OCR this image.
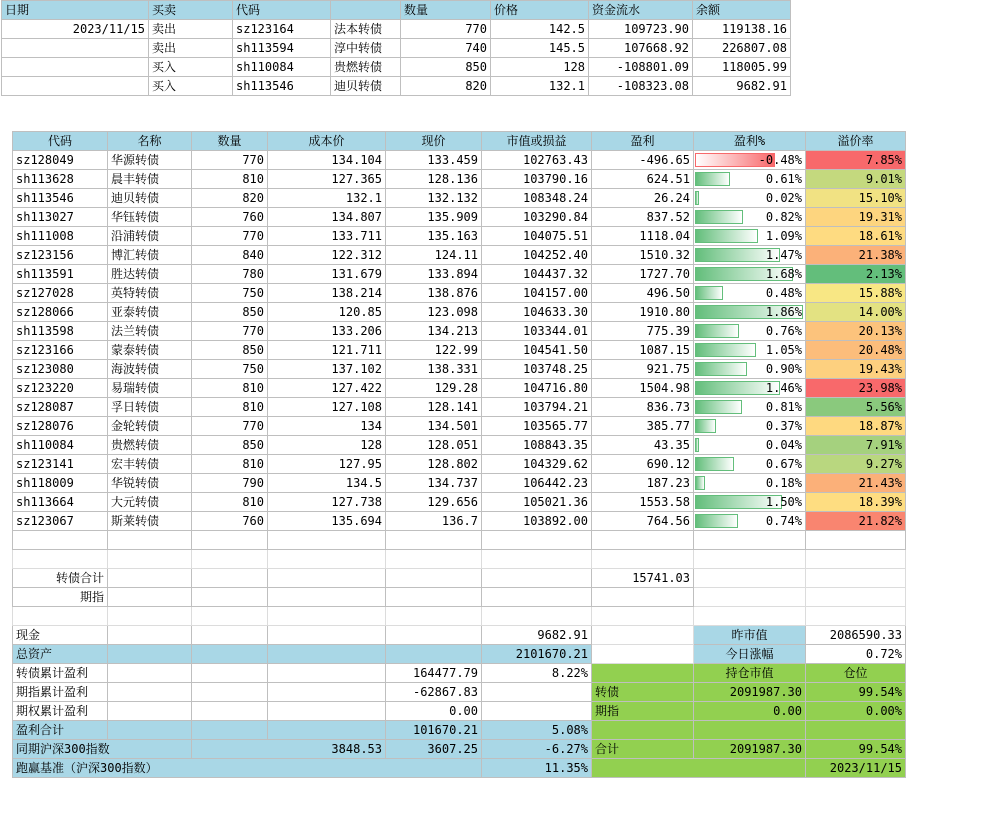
日期	买卖	代码		数量	价格	资金流水	余额
2023/11/15	卖出	sz123164	法本转债	770	142.5	109723.90	119138.16
	卖出	sh113594	淳中转债	740	145.5	107668.92	226807.08
	买入	sh110084	贵燃转债	850	128	-108801.09	118005.99
	买入	sh113546	迪贝转债	820	132.1	-108323.08	9682.91
代码	名称	数量	成本价	现价	市值或损益	盈利	盈利%	溢价率
sz128049	华源转债	770	134.104	133.459	102763.43	-496.65	-0.48%	7.85%
sh113628	晨丰转债	810	127.365	128.136	103790.16	624.51	0.61%	9.01%
sh113546	迪贝转债	820	132.1	132.132	108348.24	26.24	0.02%	15.10%
sh113027	华钰转债	760	134.807	135.909	103290.84	837.52	0.82%	19.31%
sh111008	沿浦转债	770	133.711	135.163	104075.51	1118.04	1.09%	18.61%
sz123156	博汇转债	840	122.312	124.11	104252.40	1510.32	1.47%	21.38%
sh113591	胜达转债	780	131.679	133.894	104437.32	1727.70	1.68%	2.13%
sz127028	英特转债	750	138.214	138.876	104157.00	496.50	0.48%	15.88%
sz128066	亚泰转债	850	120.85	123.098	104633.30	1910.80	1.86%	14.00%
sh113598	法兰转债	770	133.206	134.213	103344.01	775.39	0.76%	20.13%
sz123166	蒙泰转债	850	121.711	122.99	104541.50	1087.15	1.05%	20.48%
sz123080	海波转债	750	137.102	138.331	103748.25	921.75	0.90%	19.43%
sz123220	易瑞转债	810	127.422	129.28	104716.80	1504.98	1.46%	23.98%
sz128087	孚日转债	810	127.108	128.141	103794.21	836.73	0.81%	5.56%
sz128076	金轮转债	770	134	134.501	103565.77	385.77	0.37%	18.87%
sh110084	贵燃转债	850	128	128.051	108843.35	43.35	0.04%	7.91%
sz123141	宏丰转债	810	127.95	128.802	104329.62	690.12	0.67%	9.27%
sh118009	华锐转债	790	134.5	134.737	106442.23	187.23	0.18%	21.43%
sh113664	大元转债	810	127.738	129.656	105021.36	1553.58	1.50%	18.39%
sz123067	斯莱转债	760	135.694	136.7	103892.00	764.56	0.74%	21.82%

转债合计						15741.03		
期指								

现金					9682.91		昨市值	2086590.33
总资产					2101670.21		今日涨幅	0.72%
转债累计盈利				164477.79	8.22%		持仓市值	仓位
期指累计盈利				-62867.83		转债	2091987.30	99.54%
期权累计盈利				0.00		期指	0.00	0.00%
盈利合计				101670.21	5.08%			
同期沪深300指数		3848.53		3607.25	-6.27%	合计	2091987.30	99.54%
跑赢基准（沪深300指数）					11.35%			2023/11/15
